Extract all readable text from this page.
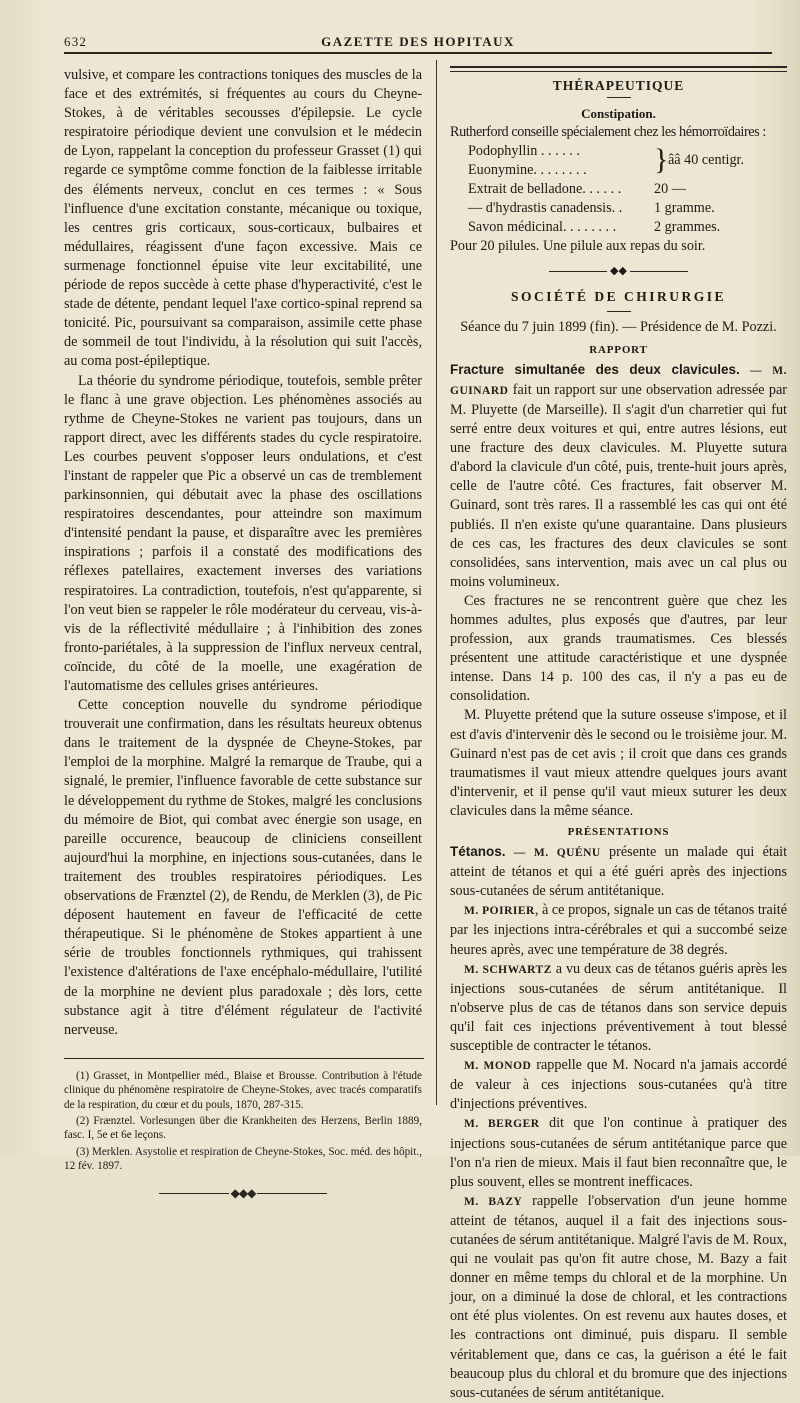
632	GAZETTE DES HOPITAUX

vulsive, et compare les contractions toniques des muscles de la face et des extrémités, si fréquentes au cours du Cheyne-Stokes, à de véritables secousses d'épilepsie. Le cycle respiratoire périodique devient une convulsion et le médecin de Lyon, rappelant la conception du professeur Grasset (1) qui regarde ce symptôme comme fonction de la faiblesse irritable des éléments nerveux, conclut en ces termes : « Sous l'influence d'une excitation constante, mécanique ou toxique, les centres gris corticaux, sous-corticaux, bulbaires et médullaires, réagissent d'une façon excessive. Mais ce surmenage fonctionnel épuise vite leur excitabilité, une période de repos succède à cette phase d'hyperactivité, c'est le stade de détente, pendant lequel l'axe cortico-spinal reprend sa tonicité. Pic, poursuivant sa comparaison, assimile cette phase de sommeil de tout l'individu, à la résolution qui suit l'accès, au coma post-épileptique.

La théorie du syndrome périodique, toutefois, semble prêter le flanc à une grave objection. Les phénomènes associés au rythme de Cheyne-Stokes ne varient pas toujours, dans un rapport direct, avec les différents stades du cycle respiratoire. Les courbes peuvent s'opposer leurs ondulations, et c'est l'instant de rappeler que Pic a observé un cas de tremblement parkinsonnien, qui débutait avec la phase des oscillations respiratoires descendantes, pour atteindre son maximum d'intensité pendant la pause, et disparaître avec les premières inspirations ; parfois il a constaté des modifications des réflexes patellaires, exactement inverses des variations respiratoires. La contradiction, toutefois, n'est qu'apparente, si l'on veut bien se rappeler le rôle modérateur du cerveau, vis-à-vis de la réflectivité médullaire ; à l'inhibition des zones fronto-pariétales, à la suppression de l'influx nerveux central, coïncide, du côté de la moelle, une exagération de l'automatisme des cellules grises antérieures.

Cette conception nouvelle du syndrome périodique trouverait une confirmation, dans les résultats heureux obtenus dans le traitement de la dyspnée de Cheyne-Stokes, par l'emploi de la morphine. Malgré la remarque de Traube, qui a signalé, le premier, l'influence favorable de cette substance sur le développement du rythme de Stokes, malgré les conclusions du mémoire de Biot, qui combat avec énergie son usage, en pareille occurence, beaucoup de cliniciens conseillent aujourd'hui la morphine, en injections sous-cutanées, dans le traitement des troubles respiratoires périodiques. Les observations de Frænztel (2), de Rendu, de Merklen (3), de Pic déposent hautement en faveur de l'efficacité de cette thérapeutique. Si le phénomène de Stokes appartient à une série de troubles fonctionnels rythmiques, qui trahissent l'existence d'altérations de l'axe encéphalo-médullaire, l'utilité de la morphine ne devient plus paradoxale ; dès lors, cette substance agit à titre d'élément régulateur de l'activité nerveuse.

(1) Grasset, in Montpellier méd., Blaise et Brousse. Contribution à l'étude clinique du phénomène respiratoire de Cheyne-Stokes, avec tracés comparatifs de la respiration, du cœur et du pouls, 1870, 287-315.

(2) Frænztel. Vorlesungen über die Krankheiten des Herzens, Berlin 1889, fasc. I, 5e et 6e leçons.

(3) Merklen. Asystolie et respiration de Cheyne-Stokes, Soc. méd. des hôpit., 12 fév. 1897.

◆◆◆
THÉRAPEUTIQUE
Constipation.

Rutherford conseille spécialement chez les hémorroïdaires :

Podophyllin . . . . . .
Euonymine. . . . . . . .	} ââ 40 centigr.
Extrait de belladone. . . . . .	20 —
— d'hydrastis canadensis. .	1 gramme.
Savon médicinal. . . . . . . .	2 grammes.

Pour 20 pilules. Une pilule aux repas du soir.

◆◆
SOCIÉTÉ DE CHIRURGIE
Séance du 7 juin 1899 (fin). — Présidence de M. Pozzi.
RAPPORT

Fracture simultanée des deux clavicules. — M. GUINARD fait un rapport sur une observation adressée par M. Pluyette (de Marseille). Il s'agit d'un charretier qui fut serré entre deux voitures et qui, entre autres lésions, eut une fracture des deux clavicules. M. Pluyette sutura d'abord la clavicule d'un côté, puis, trente-huit jours après, celle de l'autre côté. Ces fractures, fait observer M. Guinard, sont très rares. Il a rassemblé les cas qui ont été publiés. Il n'en existe qu'une quarantaine. Dans plusieurs de ces cas, les fractures des deux clavicules se sont consolidées, sans intervention, mais avec un cal plus ou moins volumineux.

Ces fractures ne se rencontrent guère que chez les hommes adultes, plus exposés que d'autres, par leur profession, aux grands traumatismes. Ces blessés présentent une attitude caractéristique et une dyspnée intense. Dans 14 p. 100 des cas, il n'y a pas eu de consolidation.

M. Pluyette prétend que la suture osseuse s'impose, et il est d'avis d'intervenir dès le second ou le troisième jour. M. Guinard n'est pas de cet avis ; il croit que dans ces grands traumatismes il vaut mieux attendre quelques jours avant d'intervenir, et il pense qu'il vaut mieux suturer les deux clavicules dans la même séance.

PRÉSENTATIONS

Tétanos. — M. QUÉNU présente un malade qui était atteint de tétanos et qui a été guéri après des injections sous-cutanées de sérum antitétanique.

M. POIRIER, à ce propos, signale un cas de tétanos traité par les injections intra-cérébrales et qui a succombé seize heures après, avec une température de 38 degrés.

M. SCHWARTZ a vu deux cas de tétanos guéris après les injections sous-cutanées de sérum antitétanique. Il n'observe plus de cas de tétanos dans son service depuis qu'il fait ces injections préventivement à tout blessé susceptible de contracter le tétanos.

M. MONOD rappelle que M. Nocard n'a jamais accordé de valeur à ces injections sous-cutanées qu'à titre d'injections préventives.

M. BERGER dit que l'on continue à pratiquer des injections sous-cutanées de sérum antitétanique parce que l'on n'a rien de mieux. Mais il faut bien reconnaître que, le plus souvent, elles se montrent inefficaces.

M. BAZY rappelle l'observation d'un jeune homme atteint de tétanos, auquel il a fait des injections sous-cutanées de sérum antitétanique. Malgré l'avis de M. Roux, qui ne voulait pas qu'on fit autre chose, M. Bazy a fait donner en même temps du chloral et de la morphine. Un jour, on a diminué la dose de chloral, et les contractions ont été plus violentes. On est revenu aux hautes doses, et les contractions ont diminué, puis disparu. Il semble véritablement que, dans ce cas, la guérison a été le fait beaucoup plus du chloral et du bromure que des injections sous-cutanées de sérum antitétanique.
